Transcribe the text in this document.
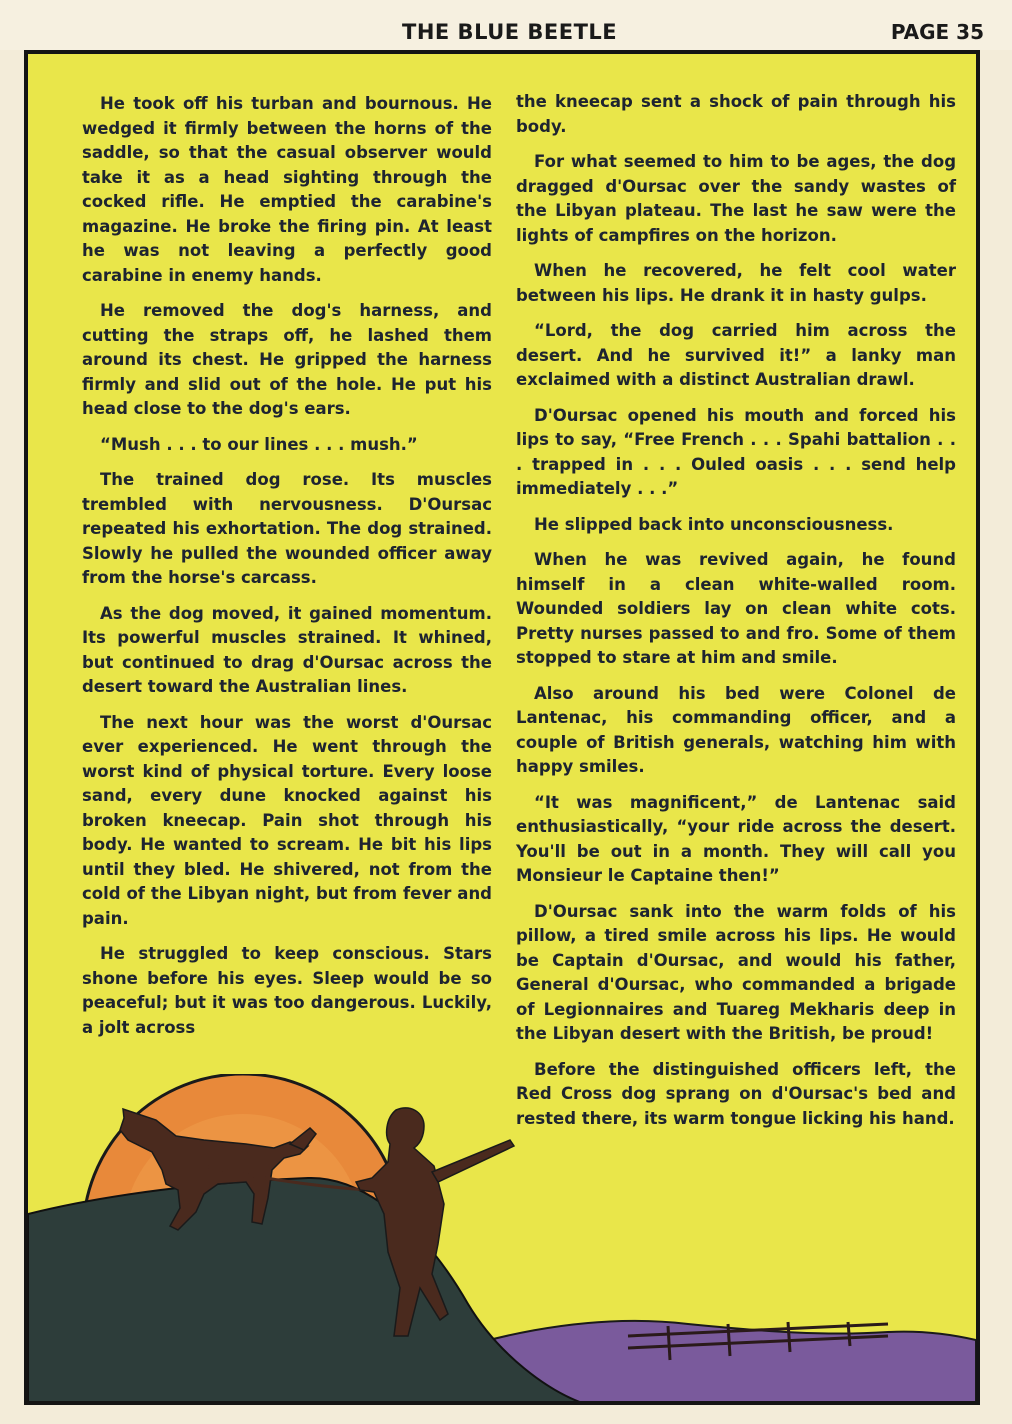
THE BLUE BEETLE	PAGE 35

He took off his turban and bournous. He wedged it firmly between the horns of the saddle, so that the casual observer would take it as a head sighting through the cocked rifle. He emptied the carabine's magazine. He broke the firing pin. At least he was not leaving a perfectly good carabine in enemy hands.

He removed the dog's harness, and cutting the straps off, he lashed them around its chest. He gripped the harness firmly and slid out of the hole. He put his head close to the dog's ears.

“Mush . . . to our lines . . . mush.”

The trained dog rose. Its muscles trembled with nervousness. D'Oursac repeated his exhortation. The dog strained. Slowly he pulled the wounded officer away from the horse's carcass.

As the dog moved, it gained momentum. Its powerful muscles strained. It whined, but continued to drag d'Oursac across the desert toward the Australian lines.

The next hour was the worst d'Oursac ever experienced. He went through the worst kind of physical torture. Every loose sand, every dune knocked against his broken kneecap. Pain shot through his body. He wanted to scream. He bit his lips until they bled. He shivered, not from the cold of the Libyan night, but from fever and pain.

He struggled to keep conscious. Stars shone before his eyes. Sleep would be so peaceful; but it was too dangerous. Luckily, a jolt across

the kneecap sent a shock of pain through his body.

For what seemed to him to be ages, the dog dragged d'Oursac over the sandy wastes of the Libyan plateau. The last he saw were the lights of campfires on the horizon.

When he recovered, he felt cool water between his lips. He drank it in hasty gulps.

“Lord, the dog carried him across the desert. And he survived it!” a lanky man exclaimed with a distinct Australian drawl.

D'Oursac opened his mouth and forced his lips to say, “Free French . . . Spahi battalion . . . trapped in . . . Ouled oasis . . . send help immediately . . .”

He slipped back into unconsciousness.

When he was revived again, he found himself in a clean white-walled room. Wounded soldiers lay on clean white cots. Pretty nurses passed to and fro. Some of them stopped to stare at him and smile.

Also around his bed were Colonel de Lantenac, his commanding officer, and a couple of British generals, watching him with happy smiles.

“It was magnificent,” de Lantenac said enthusiastically, “your ride across the desert. You'll be out in a month. They will call you Monsieur le Captaine then!”

D'Oursac sank into the warm folds of his pillow, a tired smile across his lips. He would be Captain d'Oursac, and would his father, General d'Oursac, who commanded a brigade of Legionnaires and Tuareg Mekharis deep in the Libyan desert with the British, be proud!

Before the distinguished officers left, the Red Cross dog sprang on d'Oursac's bed and rested there, its warm tongue licking his hand.
